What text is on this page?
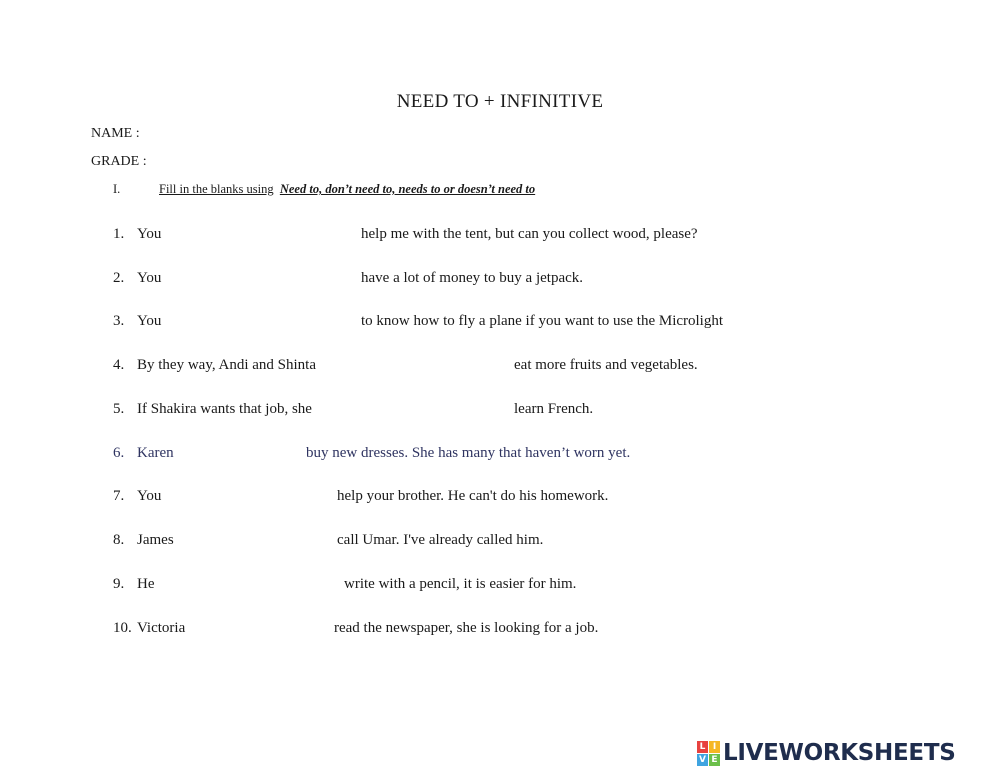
NEED TO + INFINITIVE
NAME :
GRADE :
I.	Fill in the blanks using Need to, don’t need to, needs to or doesn’t need to
1. You	help me with the tent, but can you collect wood, please?
2. You	have a lot of money to buy a jetpack.
3. You	to know how to fly a plane if you want to use the Microlight
4. By they way, Andi and Shinta	eat more fruits and vegetables.
5. If Shakira wants that job, she	learn French.
6. Karen	buy new dresses. She has many that haven’t worn yet.
7. You	help your brother. He can't do his homework.
8. James	call Umar. I've already called him.
9. He	write with a pencil, it is easier for him.
10. Victoria	read the newspaper, she is looking for a job.
L I
V E LIVEWORKSHEETS
